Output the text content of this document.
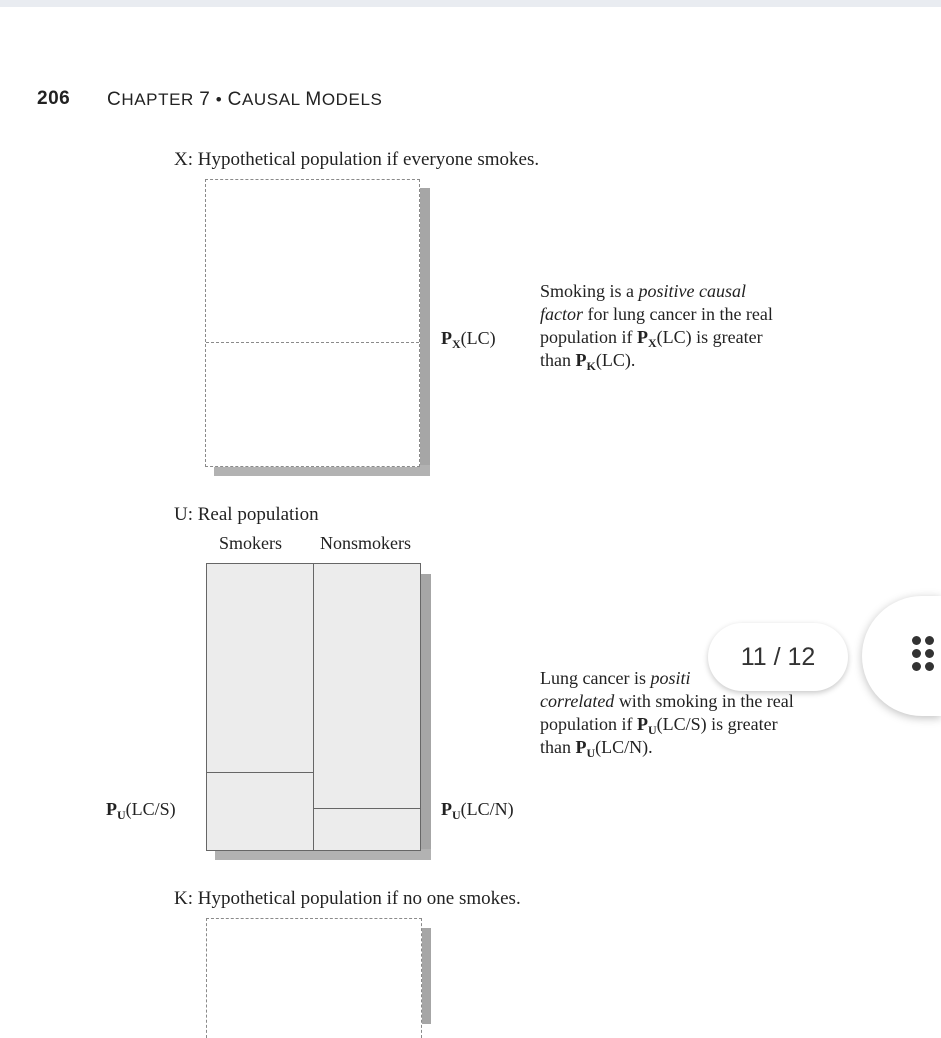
206 CHAPTER 7 • CAUSAL MODELS
X: Hypothetical population if everyone smokes.
$P_X(LC)$
Smoking is a positive causal factor for lung cancer in the real population if $P_X(LC)$ is greater than $P_K(LC)$.
U: Real population
Smokers Nonsmokers
$P_U(LC/S)$	$P_U(LC/N)$
Lung cancer is positi
correlated with smoking in the real population if $P_U(LC/S)$ is greater than $P_U(LC/N)$.
K: Hypothetical population if no one smokes.
11 / 12
